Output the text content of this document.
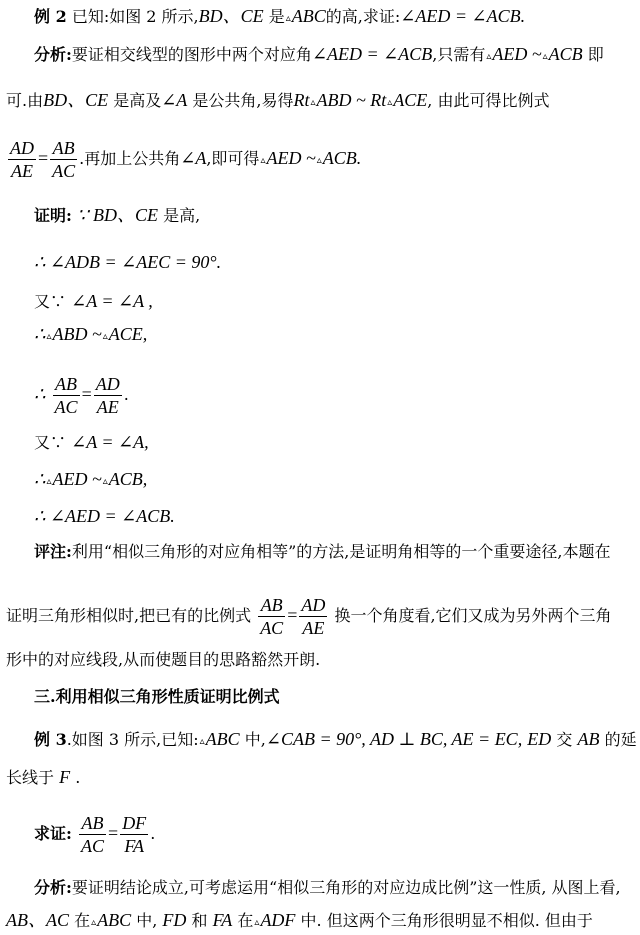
例 2 已知:如图 2 所示,BD、CE 是▵ABC的高,求证:∠AED = ∠ACB.
分析:要证相交线型的图形中两个对应角∠AED = ∠ACB,只需有▵AED ~▵ACB 即
可.由BD、CE 是高及∠A 是公共角,易得Rt▵ABD ~ Rt▵ACE, 由此可得比例式
$\frac{AD}{AE} = \frac{AB}{AC}$ .再加上公共角∠A,即可得▵AED ~▵ACB.
证明: ∵ BD、CE 是高,
∴ ∠ADB = ∠AEC = 90°.
又∵ ∠A = ∠A ,
∴▵ABD ~▵ACE,
∴ $\frac{AB}{AC} = \frac{AD}{AE}$ .
又∵ ∠A = ∠A,
∴▵AED ~▵ACB,
∴ ∠AED = ∠ACB.
评注:利用“相似三角形的对应角相等”的方法,是证明角相等的一个重要途径,本题在
证明三角形相似时,把已有的比例式 $\frac{AB}{AC} = \frac{AD}{AE}$ 换一个角度看,它们又成为另外两个三角
形中的对应线段,从而使题目的思路豁然开朗.
三.利用相似三角形性质证明比例式
例 3.如图 3 所示,已知:▵ABC 中,∠CAB = 90°, AD ⊥ BC, AE = EC, ED 交 AB 的延
长线于 F .
求证: $\frac{AB}{AC} = \frac{DF}{FA}$ .
分析:要证明结论成立,可考虑运用“相似三角形的对应边成比例”这一性质, 从图上看,
AB、AC 在▵ABC 中, FD 和 FA 在▵ADF 中. 但这两个三角形很明显不相似. 但由于
